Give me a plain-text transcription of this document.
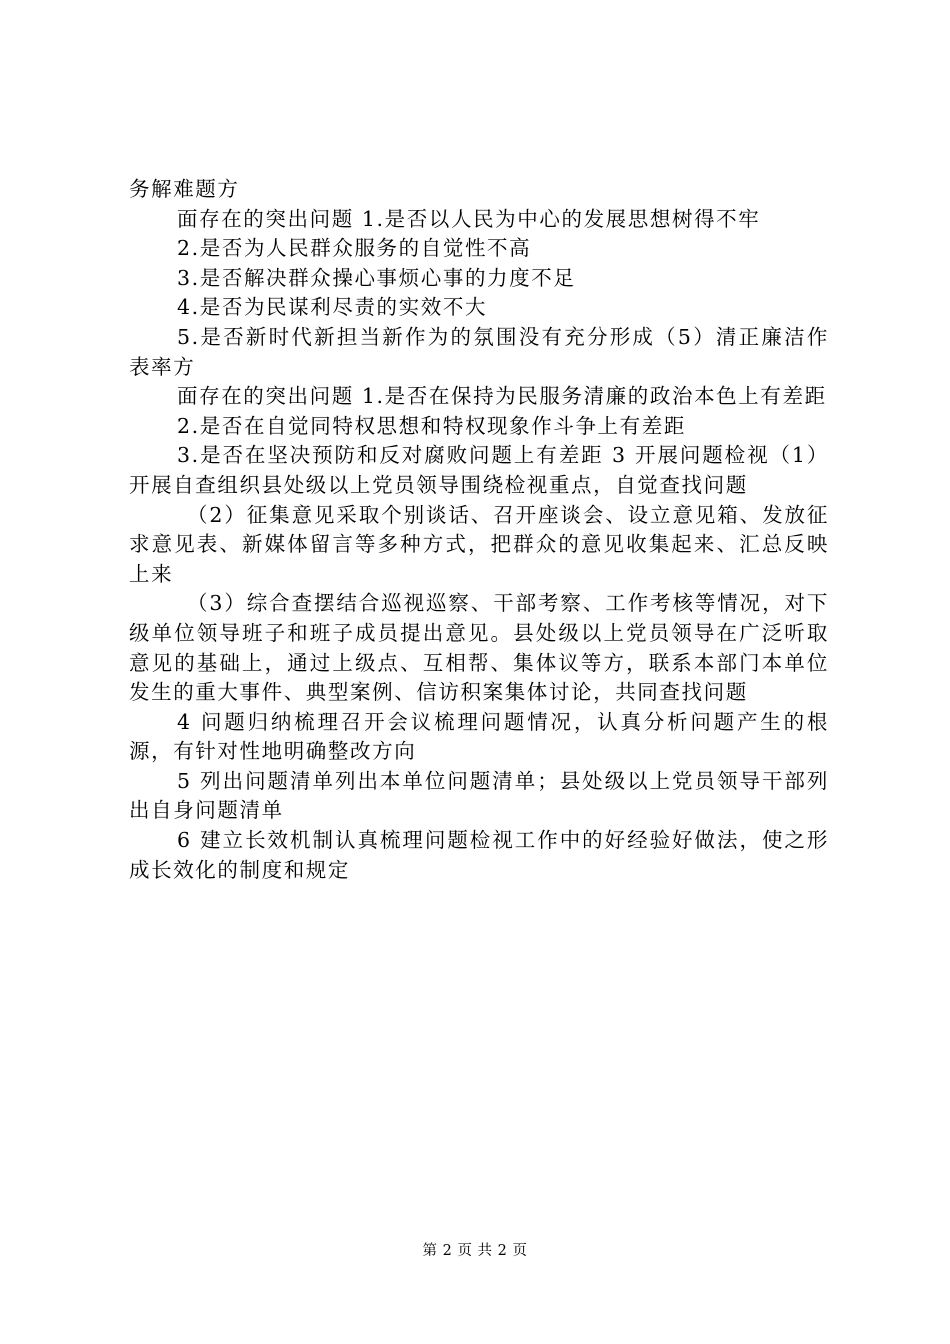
务解难题方

面存在的突出问题 1.是否以人民为中心的发展思想树得不牢

2.是否为人民群众服务的自觉性不高

3.是否解决群众操心事烦心事的力度不足

4.是否为民谋利尽责的实效不大

5.是否新时代新担当新作为的氛围没有充分形成（5）清正廉洁作表率方

面存在的突出问题 1.是否在保持为民服务清廉的政治本色上有差距

2.是否在自觉同特权思想和特权现象作斗争上有差距

3.是否在坚决预防和反对腐败问题上有差距 3 开展问题检视（1）开展自查组织县处级以上党员领导围绕检视重点，自觉查找问题

（2）征集意见采取个别谈话、召开座谈会、设立意见箱、发放征求意见表、新媒体留言等多种方式，把群众的意见收集起来、汇总反映上来

（3）综合查摆结合巡视巡察、干部考察、工作考核等情况，对下级单位领导班子和班子成员提出意见。县处级以上党员领导在广泛听取意见的基础上，通过上级点、互相帮、集体议等方，联系本部门本单位发生的重大事件、典型案例、信访积案集体讨论，共同查找问题

4 问题归纳梳理召开会议梳理问题情况，认真分析问题产生的根源，有针对性地明确整改方向

5 列出问题清单列出本单位问题清单；县处级以上党员领导干部列出自身问题清单

6 建立长效机制认真梳理问题检视工作中的好经验好做法，使之形成长效化的制度和规定

第 2 页 共 2 页
